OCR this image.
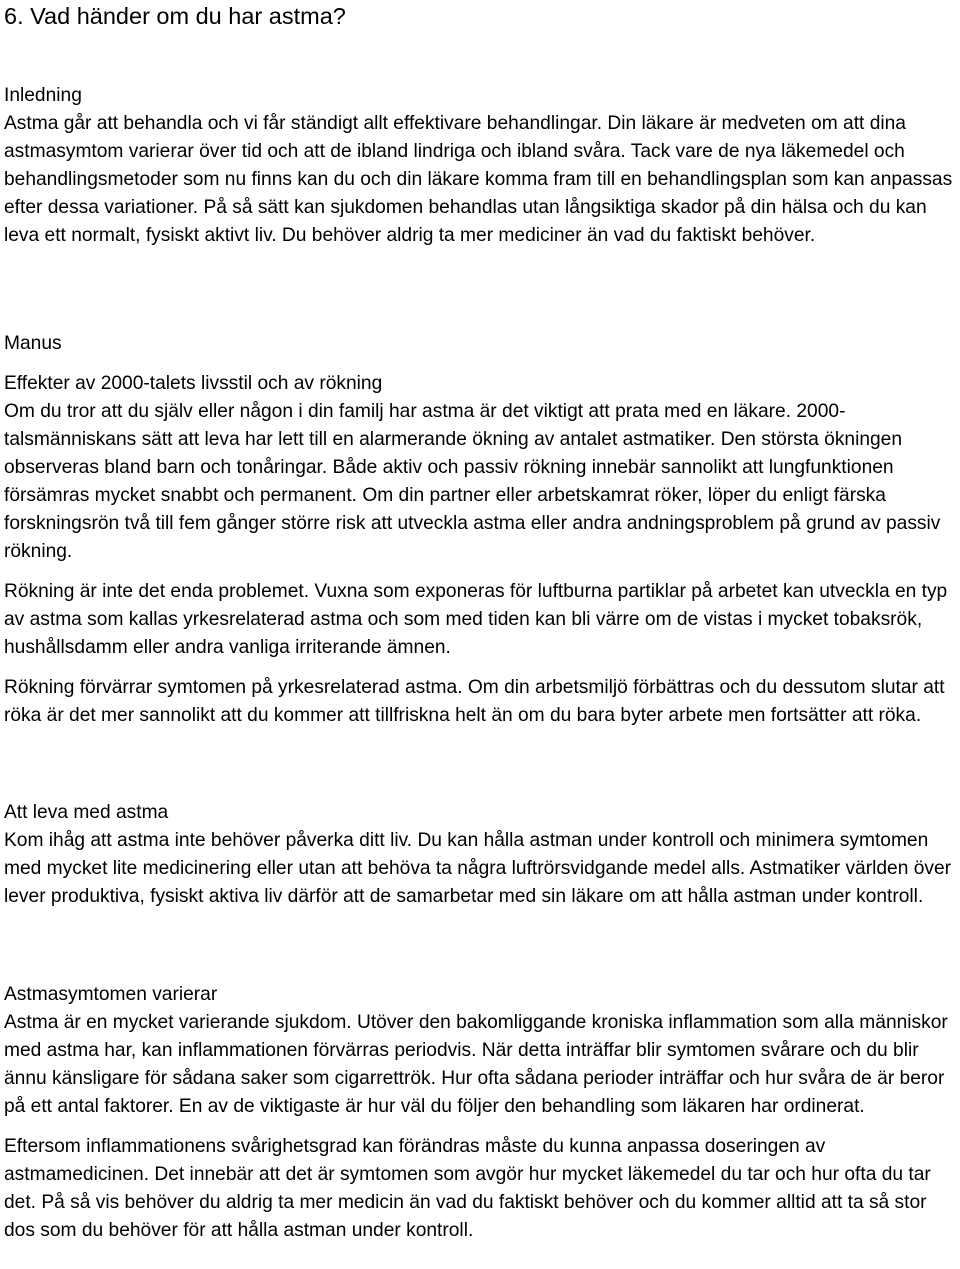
6. Vad händer om du har astma?
Inledning

Astma går att behandla och vi får ständigt allt effektivare behandlingar. Din läkare är medveten om att dina astmasymtom varierar över tid och att de ibland lindriga och ibland svåra. Tack vare de nya läkemedel och behandlingsmetoder som nu finns kan du och din läkare komma fram till en behandlingsplan som kan anpassas efter dessa variationer. På så sätt kan sjukdomen behandlas utan långsiktiga skador på din hälsa och du kan leva ett normalt, fysiskt aktivt liv. Du behöver aldrig ta mer mediciner än vad du faktiskt behöver.

Manus
Effekter av 2000-talets livsstil och av rökning

Om du tror att du själv eller någon i din familj har astma är det viktigt att prata med en läkare. 2000-talsmänniskans sätt att leva har lett till en alarmerande ökning av antalet astmatiker. Den största ökningen observeras bland barn och tonåringar. Både aktiv och passiv rökning innebär sannolikt att lungfunktionen försämras mycket snabbt och permanent. Om din partner eller arbetskamrat röker, löper du enligt färska forskningsrön två till fem gånger större risk att utveckla astma eller andra andningsproblem på grund av passiv rökning.

Rökning är inte det enda problemet. Vuxna som exponeras för luftburna partiklar på arbetet kan utveckla en typ av astma som kallas yrkesrelaterad astma och som med tiden kan bli värre om de vistas i mycket tobaksrök, hushållsdamm eller andra vanliga irriterande ämnen.

Rökning förvärrar symtomen på yrkesrelaterad astma. Om din arbetsmiljö förbättras och du dessutom slutar att röka är det mer sannolikt att du kommer att tillfriskna helt än om du bara byter arbete men fortsätter att röka.

Att leva med astma

Kom ihåg att astma inte behöver påverka ditt liv. Du kan hålla astman under kontroll och minimera symtomen med mycket lite medicinering eller utan att behöva ta några luftrörsvidgande medel alls. Astmatiker världen över lever produktiva, fysiskt aktiva liv därför att de samarbetar med sin läkare om att hålla astman under kontroll.

Astmasymtomen varierar

Astma är en mycket varierande sjukdom. Utöver den bakomliggande kroniska inflammation som alla människor med astma har, kan inflammationen förvärras periodvis. När detta inträffar blir symtomen svårare och du blir ännu känsligare för sådana saker som cigarrettrök. Hur ofta sådana perioder inträffar och hur svåra de är beror på ett antal faktorer. En av de viktigaste är hur väl du följer den behandling som läkaren har ordinerat.

Eftersom inflammationens svårighetsgrad kan förändras måste du kunna anpassa doseringen av astmamedicinen. Det innebär att det är symtomen som avgör hur mycket läkemedel du tar och hur ofta du tar det. På så vis behöver du aldrig ta mer medicin än vad du faktiskt behöver och du kommer alltid att ta så stor dos som du behöver för att hålla astman under kontroll.
